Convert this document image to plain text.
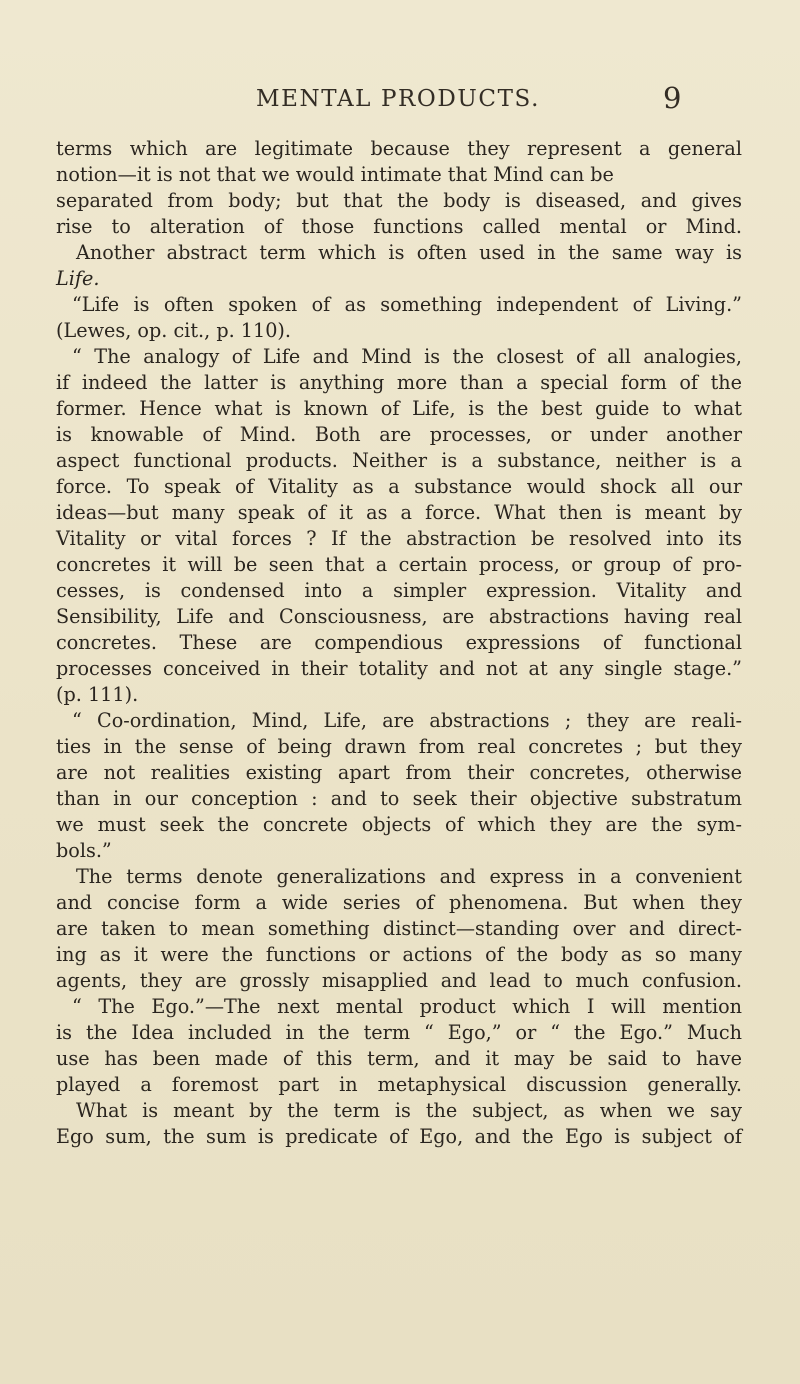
MENTAL PRODUCTS.	9
terms which are legitimate because they represent a general
notion—it is not that we would intimate that Mind can be
separated from body; but that the body is diseased, and gives
rise to alteration of those functions called mental or Mind.
Another abstract term which is often used in the same way is
Life.
“Life is often spoken of as something independent of Living.”
(Lewes, op. cit., p. 110).
“ The analogy of Life and Mind is the closest of all analogies,
if indeed the latter is anything more than a special form of the
former. Hence what is known of Life, is the best guide to what
is knowable of Mind. Both are processes, or under another
aspect functional products. Neither is a substance, neither is a
force. To speak of Vitality as a substance would shock all our
ideas—but many speak of it as a force. What then is meant by
Vitality or vital forces ? If the abstraction be resolved into its
concretes it will be seen that a certain process, or group of pro-
cesses, is condensed into a simpler expression. Vitality and
Sensibility, Life and Consciousness, are abstractions having real
concretes. These are compendious expressions of functional
processes conceived in their totality and not at any single stage.”
(p. 111).
“ Co-ordination, Mind, Life, are abstractions ; they are reali-
ties in the sense of being drawn from real concretes ; but they
are not realities existing apart from their concretes, otherwise
than in our conception : and to seek their objective substratum
we must seek the concrete objects of which they are the sym-
bols.”
The terms denote generalizations and express in a convenient
and concise form a wide series of phenomena. But when they
are taken to mean something distinct—standing over and direct-
ing as it were the functions or actions of the body as so many
agents, they are grossly misapplied and lead to much confusion.
“ The Ego.”—The next mental product which I will mention
is the Idea included in the term “ Ego,” or “ the Ego.” Much
use has been made of this term, and it may be said to have
played a foremost part in metaphysical discussion generally.
What is meant by the term is the subject, as when we say
Ego sum, the sum is predicate of Ego, and the Ego is subject of
